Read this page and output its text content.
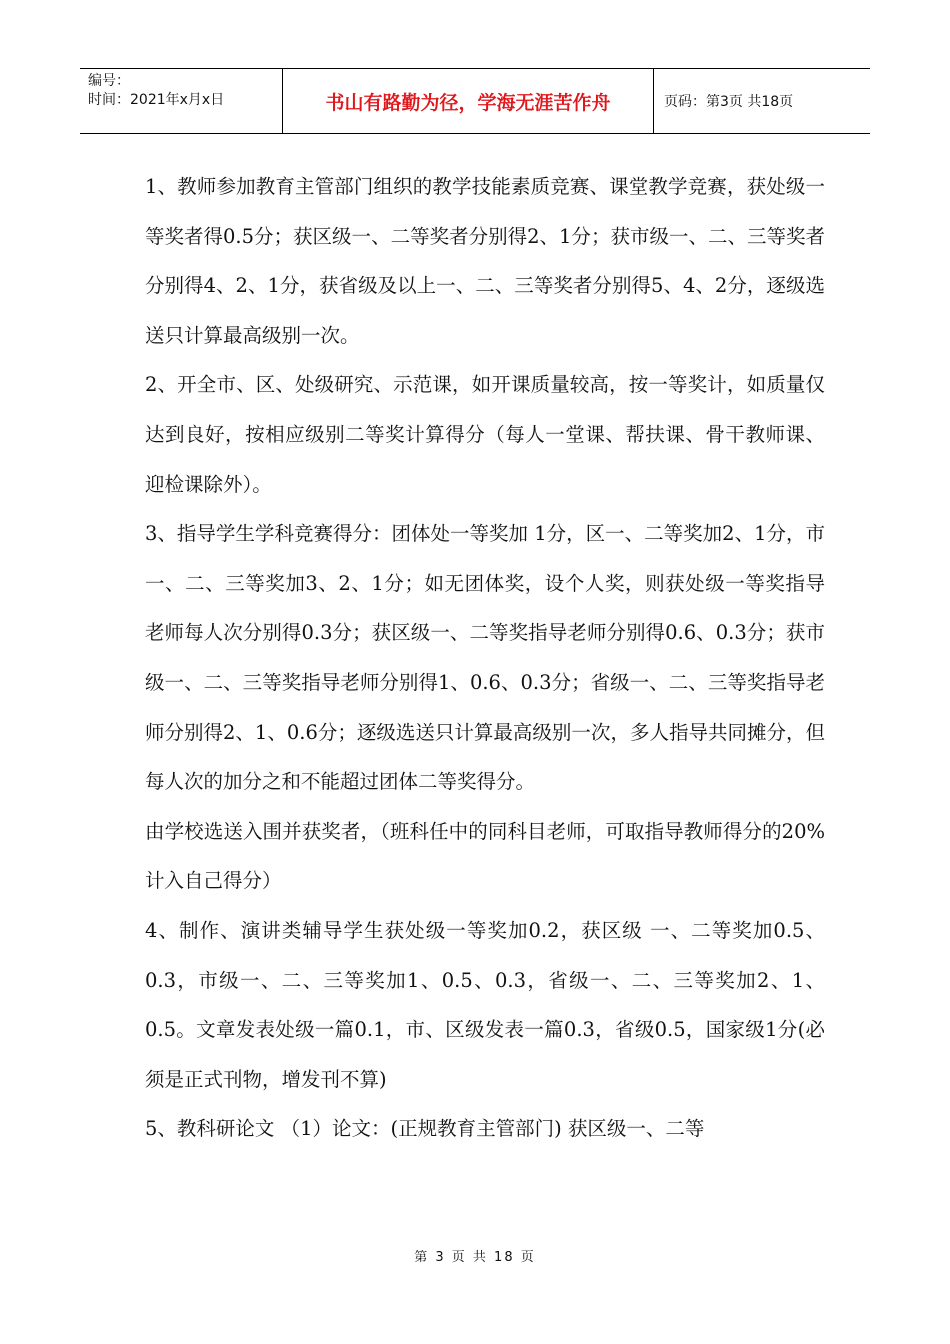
编号：
时间：2021年x月x日	书山有路勤为径，学海无涯苦作舟	页码：第3页 共18页

1、教师参加教育主管部门组织的教学技能素质竞赛、课堂教学竞赛，获处级一等奖者得0.5分；获区级一、二等奖者分别得2、1分；获市级一、二、三等奖者分别得4、2、1分，获省级及以上一、二、三等奖者分别得5、4、2分，逐级选送只计算最高级别一次。

2、开全市、区、处级研究、示范课，如开课质量较高，按一等奖计，如质量仅达到良好，按相应级别二等奖计算得分（每人一堂课、帮扶课、骨干教师课、迎检课除外）。

3、指导学生学科竞赛得分：团体处一等奖加 1分，区一、二等奖加2、1分，市一、二、三等奖加3、2、1分；如无团体奖，设个人奖，则获处级一等奖指导老师每人次分别得0.3分；获区级一、二等奖指导老师分别得0.6、0.3分；获市级一、二、三等奖指导老师分别得1、0.6、0.3分；省级一、二、三等奖指导老师分别得2、1、0.6分；逐级选送只计算最高级别一次，多人指导共同摊分，但每人次的加分之和不能超过团体二等奖得分。

由学校选送入围并获奖者，（班科任中的同科目老师，可取指导教师得分的20%计入自己得分）

4、制作、演讲类辅导学生获处级一等奖加0.2，获区级 一、二等奖加0.5、0.3，市级一、二、三等奖加1、0.5、0.3，省级一、二、三等奖加2、1、0.5。文章发表处级一篇0.1，市、区级发表一篇0.3，省级0.5，国家级1分(必须是正式刊物，增发刊不算)

5、教科研论文 （1）论文：(正规教育主管部门) 获区级一、二等

第 3 页 共 18 页
